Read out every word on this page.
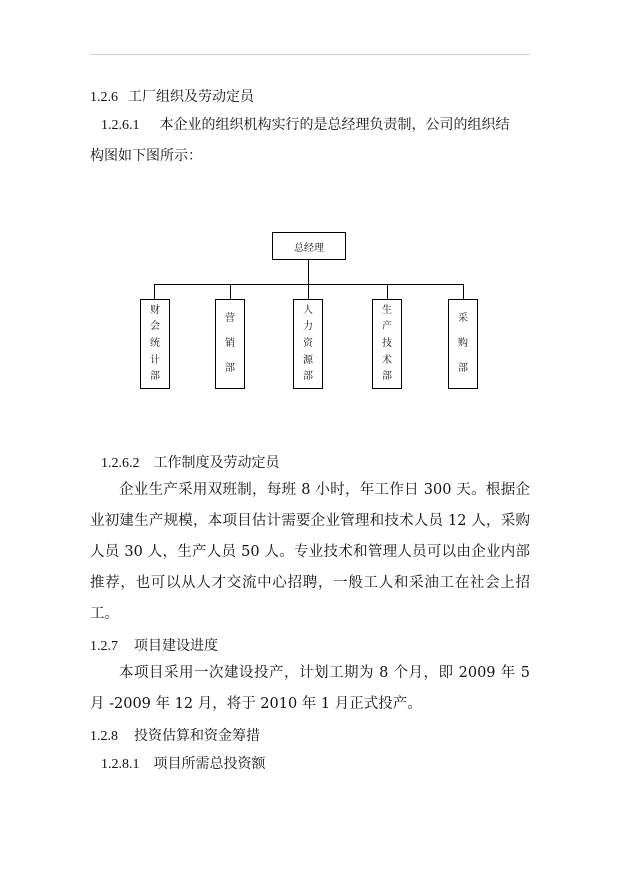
1.2.6 工厂组织及劳动定员
1.2.6.1 本企业的组织机构实行的是总经理负责制，公司的组织结
构图如下图所示：
总经理
财
会
统
计
部
营
销
部
人
力
资
源
部
生
产
技
术
部
采
购
部
1.2.6.2 工作制度及劳动定员
企业生产采用双班制，每班 8 小时，年工作日 300 天。根据企业初建生产规模，本项目估计需要企业管理和技术人员 12 人，采购人员 30 人，生产人员 50 人。专业技术和管理人员可以由企业内部推荐，也可以从人才交流中心招聘，一般工人和采油工在社会上招工。
1.2.7 项目建设进度
本项目采用一次建设投产，计划工期为 8 个月，即 2009 年 5 月 -2009 年 12 月，将于 2010 年 1 月正式投产。
1.2.8 投资估算和资金筹措
1.2.8.1 项目所需总投资额
